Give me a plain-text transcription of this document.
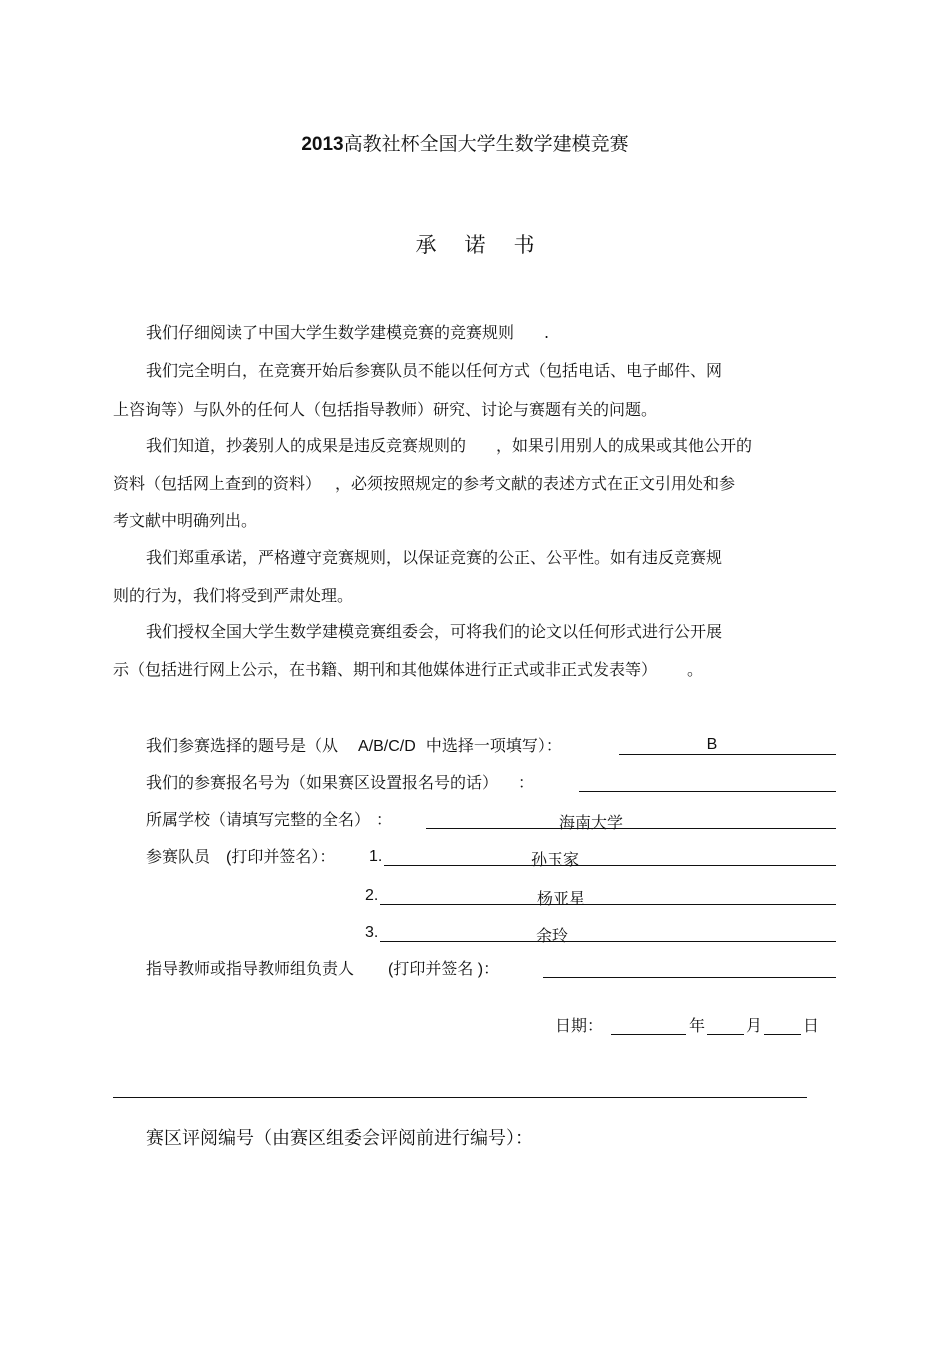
2013高教社杯全国大学生数学建模竞赛
承诺书
我们仔细阅读了中国大学生数学建模竞赛的竞赛规则 .
我们完全明白，在竞赛开始后参赛队员不能以任何方式（包括电话、电子邮件、网
上咨询等）与队外的任何人（包括指导教师）研究、讨论与赛题有关的问题。
我们知道，抄袭别人的成果是违反竞赛规则的 ，如果引用别人的成果或其他公开的
资料（包括网上查到的资料） ，必须按照规定的参考文献的表述方式在正文引用处和参
考文献中明确列出。
我们郑重承诺，严格遵守竞赛规则，以保证竞赛的公正、公平性。如有违反竞赛规
则的行为，我们将受到严肃处理。
我们授权全国大学生数学建模竞赛组委会，可将我们的论文以任何形式进行公开展
示（包括进行网上公示，在书籍、期刊和其他媒体进行正式或非正式发表等） 。
我们参赛选择的题号是（从 A/B/C/D 中选择一项填写）：	B
我们的参赛报名号为（如果赛区设置报名号的话） ：
所属学校（请填写完整的全名） ：	海南大学
参赛队员 (打印并签名）： 1.	孙玉家
2.	杨亚星
3.	余玲
指导教师或指导教师组负责人 (打印并签名 )：
日期：	年	月	日
赛区评阅编号（由赛区组委会评阅前进行编号）：
